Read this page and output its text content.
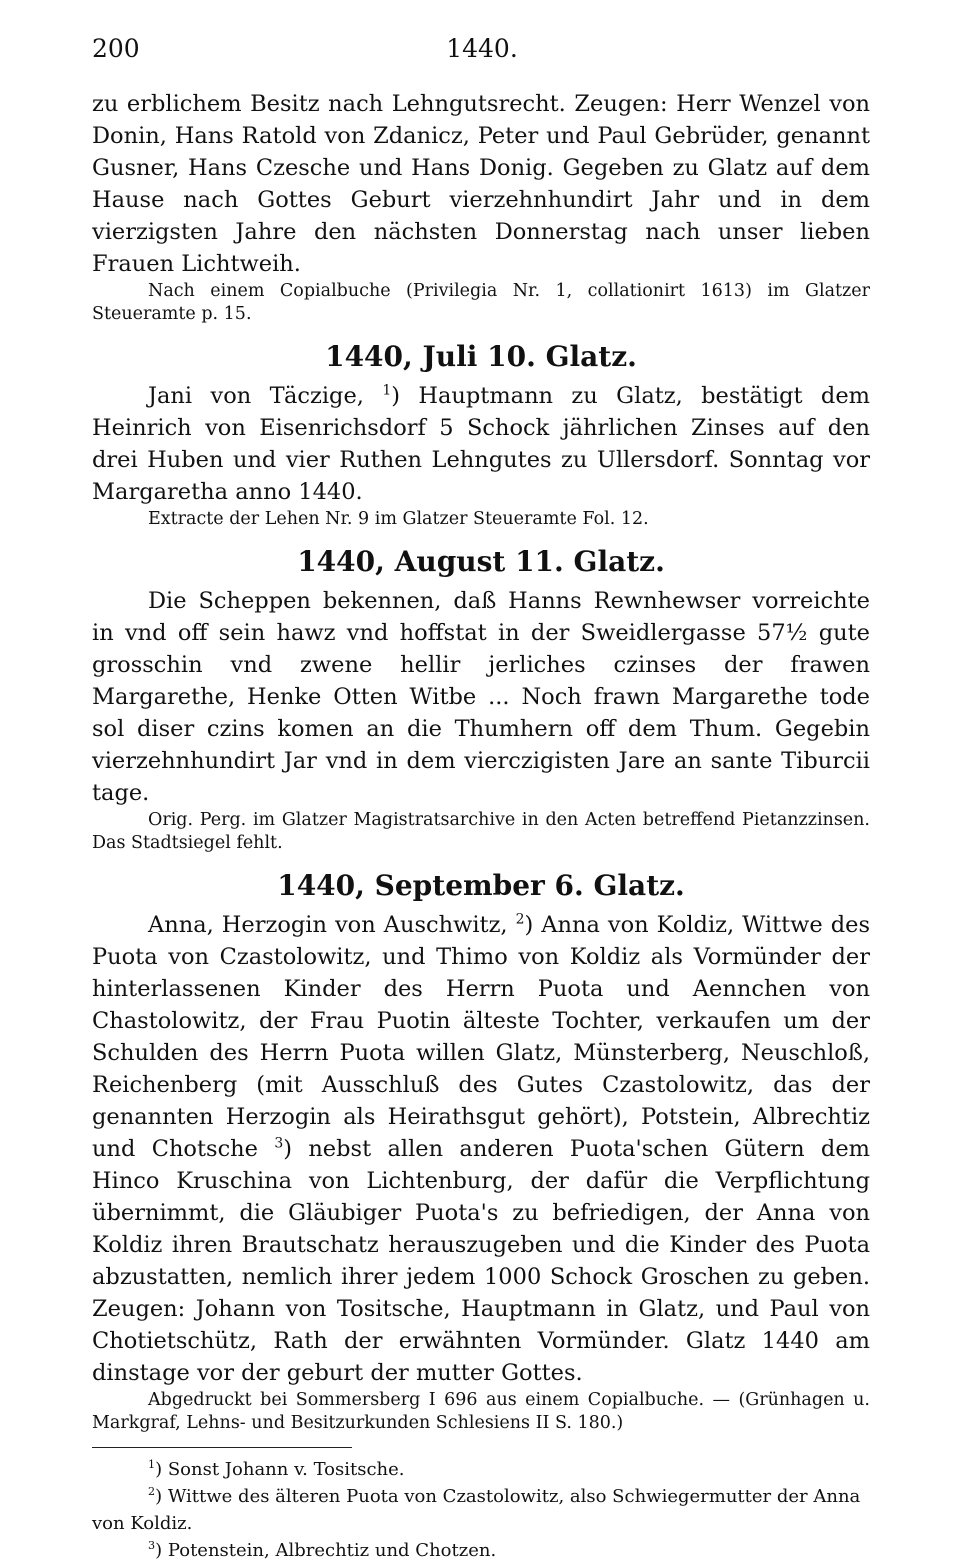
200	1440.

zu erblichem Besitz nach Lehngutsrecht. Zeugen: Herr Wenzel von Donin, Hans Ratold von Zdanicz, Peter und Paul Gebrüder, genannt Gusner, Hans Czesche und Hans Donig. Gegeben zu Glatz auf dem Hause nach Gottes Geburt vierzehnhundirt Jahr und in dem vierzigsten Jahre den nächsten Donnerstag nach unser lieben Frauen Lichtweih.

Nach einem Copialbuche (Privilegia Nr. 1, collationirt 1613) im Glatzer Steueramte p. 15.

1440, Juli 10. Glatz.

Jani von Täczige, $^1$) Hauptmann zu Glatz, bestätigt dem Heinrich von Eisenrichsdorf 5 Schock jährlichen Zinses auf den drei Huben und vier Ruthen Lehngutes zu Ullersdorf. Sonntag vor Margaretha anno 1440.

Extracte der Lehen Nr. 9 im Glatzer Steueramte Fol. 12.

1440, August 11. Glatz.

Die Scheppen bekennen, daß Hanns Rewnhewser vorreichte in vnd off sein hawz vnd hoffstat in der Sweidlergasse 57½ gute grosschin vnd zwene hellir jerliches czinses der frawen Margarethe, Henke Otten Witbe ... Noch frawn Margarethe tode sol diser czins komen an die Thumhern off dem Thum. Gegebin vierzehnhundirt Jar vnd in dem vierczigisten Jare an sante Tiburcii tage.

Orig. Perg. im Glatzer Magistratsarchive in den Acten betreffend Pietanzzinsen. Das Stadtsiegel fehlt.

1440, September 6. Glatz.

Anna, Herzogin von Auschwitz, $^2$) Anna von Koldiz, Wittwe des Puota von Czastolowitz, und Thimo von Koldiz als Vormünder der hinterlassenen Kinder des Herrn Puota und Aennchen von Chastolowitz, der Frau Puotin älteste Tochter, verkaufen um der Schulden des Herrn Puota willen Glatz, Münsterberg, Neuschloß, Reichenberg (mit Ausschluß des Gutes Czastolowitz, das der genannten Herzogin als Heirathsgut gehört), Potstein, Albrechtiz und Chotsche $^3$) nebst allen anderen Puota'schen Gütern dem Hinco Kruschina von Lichtenburg, der dafür die Verpflichtung übernimmt, die Gläubiger Puota's zu befriedigen, der Anna von Koldiz ihren Brautschatz herauszugeben und die Kinder des Puota abzustatten, nemlich ihrer jedem 1000 Schock Groschen zu geben. Zeugen: Johann von Tositsche, Hauptmann in Glatz, und Paul von Chotietschütz, Rath der erwähnten Vormünder. Glatz 1440 am dinstage vor der geburt der mutter Gottes.

Abgedruckt bei Sommersberg I 696 aus einem Copialbuche. — (Grünhagen u. Markgraf, Lehns- und Besitzurkunden Schlesiens II S. 180.)

$^1$) Sonst Johann v. Tositsche.

$^2$) Wittwe des älteren Puota von Czastolowitz, also Schwiegermutter der Anna von Koldiz.

$^3$) Potenstein, Albrechtiz und Chotzen.
